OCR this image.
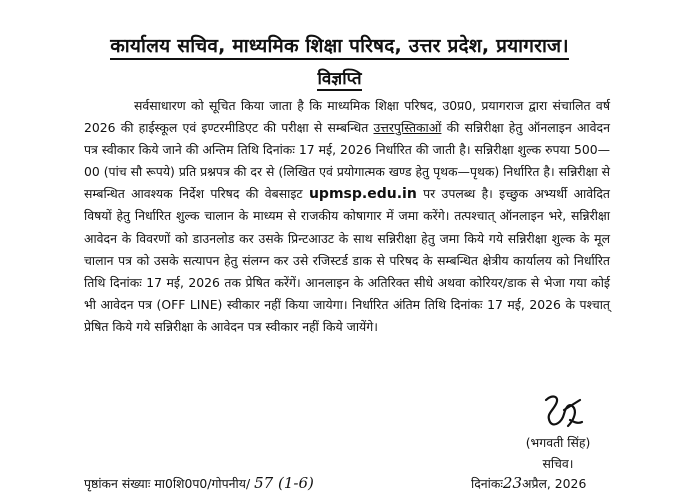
कार्यालय सचिव, माध्यमिक शिक्षा परिषद, उत्तर प्रदेश, प्रयागराज।
विज्ञप्ति
सर्वसाधारण को सूचित किया जाता है कि माध्यमिक शिक्षा परिषद, उ0प्र0, प्रयागराज द्वारा संचालित वर्ष 2026 की हाईस्कूल एवं इण्टरमीडिएट की परीक्षा से सम्बन्धित उत्तरपुस्तिकाओं की सन्निरीक्षा हेतु ऑनलाइन आवेदन पत्र स्वीकार किये जाने की अन्तिम तिथि दिनांकः 17 मई, 2026 निर्धारित की जाती है। सन्निरीक्षा शुल्क रुपया 500—00 (पांच सौ रूपये) प्रति प्रश्नपत्र की दर से (लिखित एवं प्रयोगात्मक खण्ड हेतु पृथक—पृथक) निर्धारित है। सन्निरीक्षा से सम्बन्धित आवश्यक निर्देश परिषद की वेबसाइट upmsp.edu.in पर उपलब्ध है। इच्छुक अभ्यर्थी आवेदित विषयों हेतु निर्धारित शुल्क चालान के माध्यम से राजकीय कोषागार में जमा करेंगे। तत्पश्चात् ऑनलाइन भरे, सन्निरीक्षा आवेदन के विवरणों को डाउनलोड कर उसके प्रिन्टआउट के साथ सन्निरीक्षा हेतु जमा किये गये सन्निरीक्षा शुल्क के मूल चालान पत्र को उसके सत्यापन हेतु संलग्न कर उसे रजिस्टर्ड डाक से परिषद के सम्बन्धित क्षेत्रीय कार्यालय को निर्धारित तिथि दिनांकः 17 मई, 2026 तक प्रेषित करेंगें। आनलाइन के अतिरिक्त सीधे अथवा कोरियर/डाक से भेजा गया कोई भी आवेदन पत्र (OFF LINE) स्वीकार नहीं किया जायेगा। निर्धारित अंतिम तिथि दिनांकः 17 मई, 2026 के पश्चात् प्रेषित किये गये सन्निरीक्षा के आवेदन पत्र स्वीकार नहीं किये जायेंगे।
(भगवती सिंह)
सचिव।
पृष्ठांकन संख्याः मा0शि0प0/गोपनीय/ 57 (1-6)	दिनांकः23अप्रैल, 2026
